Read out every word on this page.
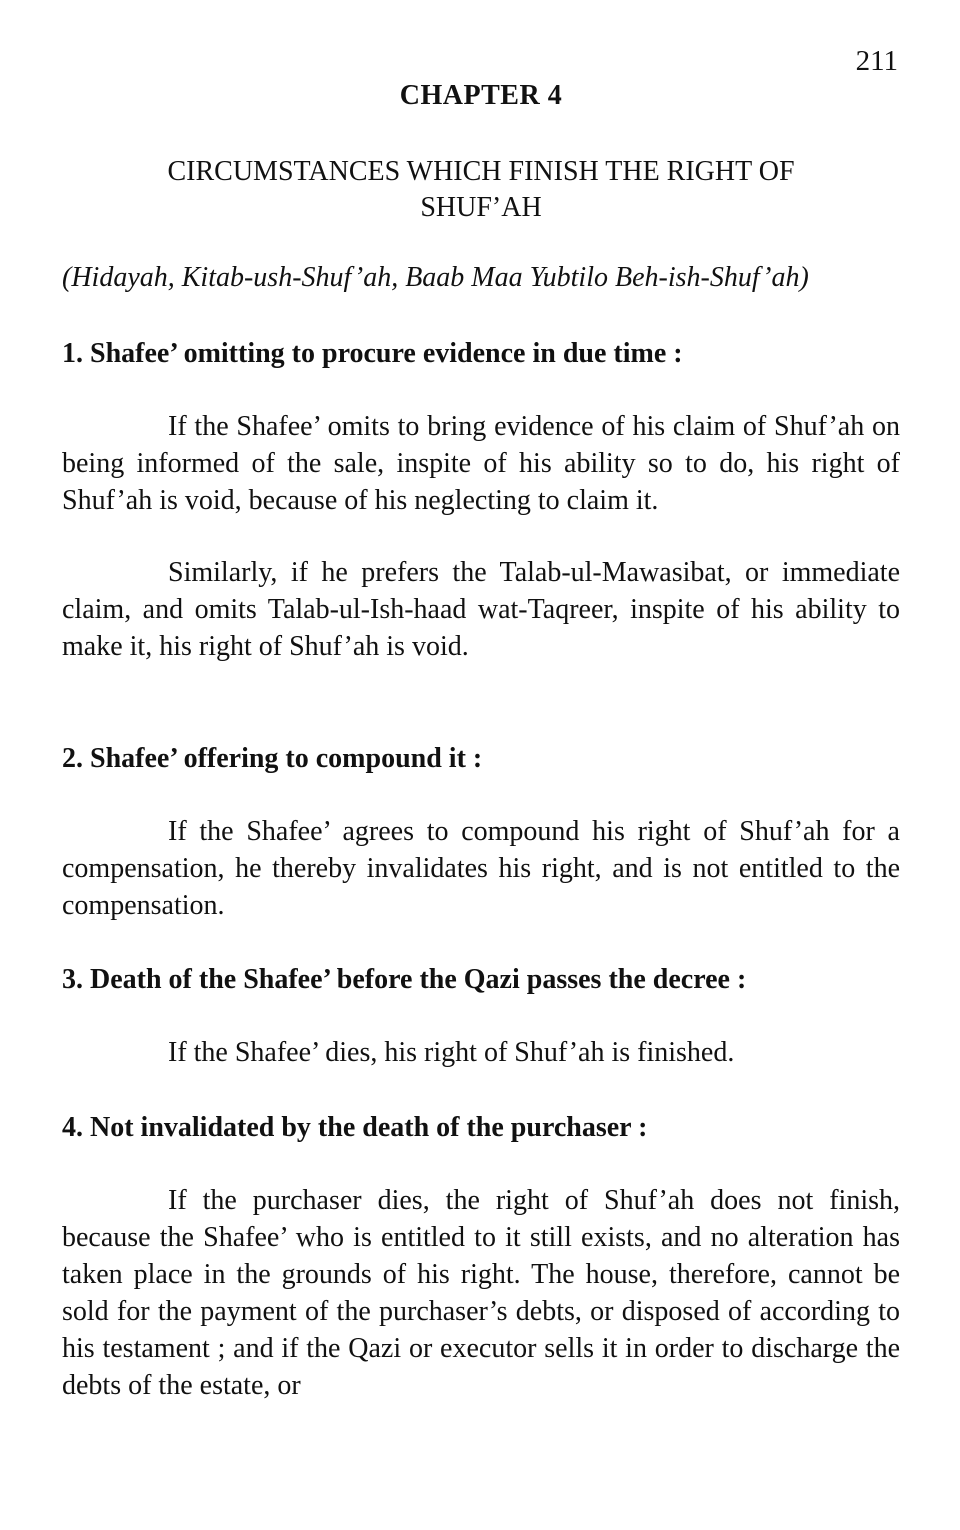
211
CHAPTER 4
CIRCUMSTANCES WHICH FINISH THE RIGHT OF
SHUF’AH
(Hidayah, Kitab-ush-Shuf’ah, Baab Maa Yubtilo Beh-ish-Shuf’ah)

1. Shafee’ omitting to procure evidence in due time :

If the Shafee’ omits to bring evidence of his claim of Shuf’ah on being informed of the sale, inspite of his ability so to do, his right of Shuf’ah is void, because of his neglecting to claim it.

Similarly, if he prefers the Talab-ul-Mawasibat, or immediate claim, and omits Talab-ul-Ish-haad wat-Taqreer, inspite of his ability to make it, his right of Shuf’ah is void.

2. Shafee’ offering to compound it :

If the Shafee’ agrees to compound his right of Shuf’ah for a compensation, he thereby invalidates his right, and is not entitled to the compensation.

3. Death of the Shafee’ before the Qazi passes the decree :

If the Shafee’ dies, his right of Shuf’ah is finished.

4. Not invalidated by the death of the purchaser :

If the purchaser dies, the right of Shuf’ah does not finish, because the Shafee’ who is entitled to it still exists, and no alteration has taken place in the grounds of his right. The house, therefore, cannot be sold for the payment of the purchaser’s debts, or disposed of according to his testament ; and if the Qazi or executor sells it in order to discharge the debts of the estate, or
